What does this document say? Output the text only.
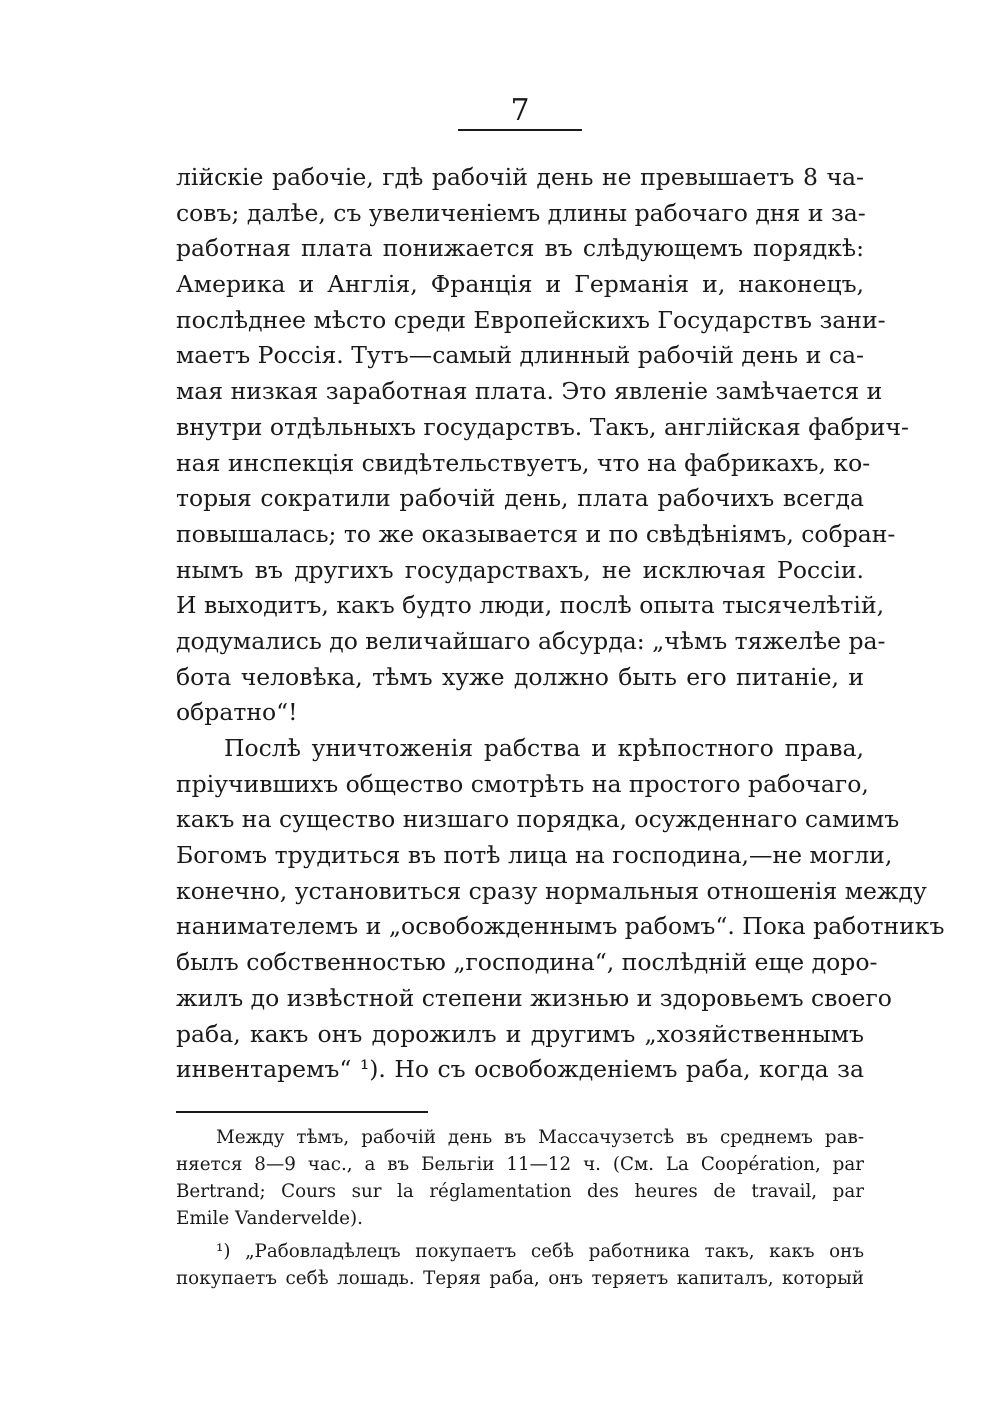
7
лійскіе рабочіе, гдѣ рабочій день не превышаетъ 8 ча-
совъ; далѣе, съ увеличеніемъ длины рабочаго дня и за-
работная плата понижается въ слѣдующемъ порядкѣ:
Америка и Англія, Франція и Германія и, наконецъ,
послѣднее мѣсто среди Европейскихъ Государствъ зани-
маетъ Россія. Тутъ—самый длинный рабочій день и са-
мая низкая заработная плата. Это явленіе замѣчается и
внутри отдѣльныхъ государствъ. Такъ, англійская фабрич-
ная инспекція свидѣтельствуетъ, что на фабрикахъ, ко-
торыя сократили рабочій день, плата рабочихъ всегда
повышалась; то же оказывается и по свѣдѣніямъ, собран-
нымъ въ другихъ государствахъ, не исключая Россіи.
И выходитъ, какъ будто люди, послѣ опыта тысячелѣтій,
додумались до величайшаго абсурда: „чѣмъ тяжелѣе ра-
бота человѣка, тѣмъ хуже должно быть его питаніе, и
обратно“!
Послѣ уничтоженія рабства и крѣпостного права,
пріучившихъ общество смотрѣть на простого рабочаго,
какъ на существо низшаго порядка, осужденнаго самимъ
Богомъ трудиться въ потѣ лица на господина,—не могли,
конечно, установиться сразу нормальныя отношенія между
нанимателемъ и „освобожденнымъ рабомъ“. Пока работникъ
былъ собственностью „господина“, послѣдній еще доро-
жилъ до извѣстной степени жизнью и здоровьемъ своего
раба, какъ онъ дорожилъ и другимъ „хозяйственнымъ
инвентаремъ“ ¹). Но съ освобожденіемъ раба, когда за
Между тѣмъ, рабочій день въ Массачузетсѣ въ среднемъ рав-
няется 8—9 час., а въ Бельгіи 11—12 ч. (См. La Coopération, par
Bertrand; Cours sur la réglamentation des heures de travail, par
Emile Vandervelde).
¹) „Рабовладѣлецъ покупаетъ себѣ работника такъ, какъ онъ
покупаетъ себѣ лошадь. Теряя раба, онъ теряетъ капиталъ, который
